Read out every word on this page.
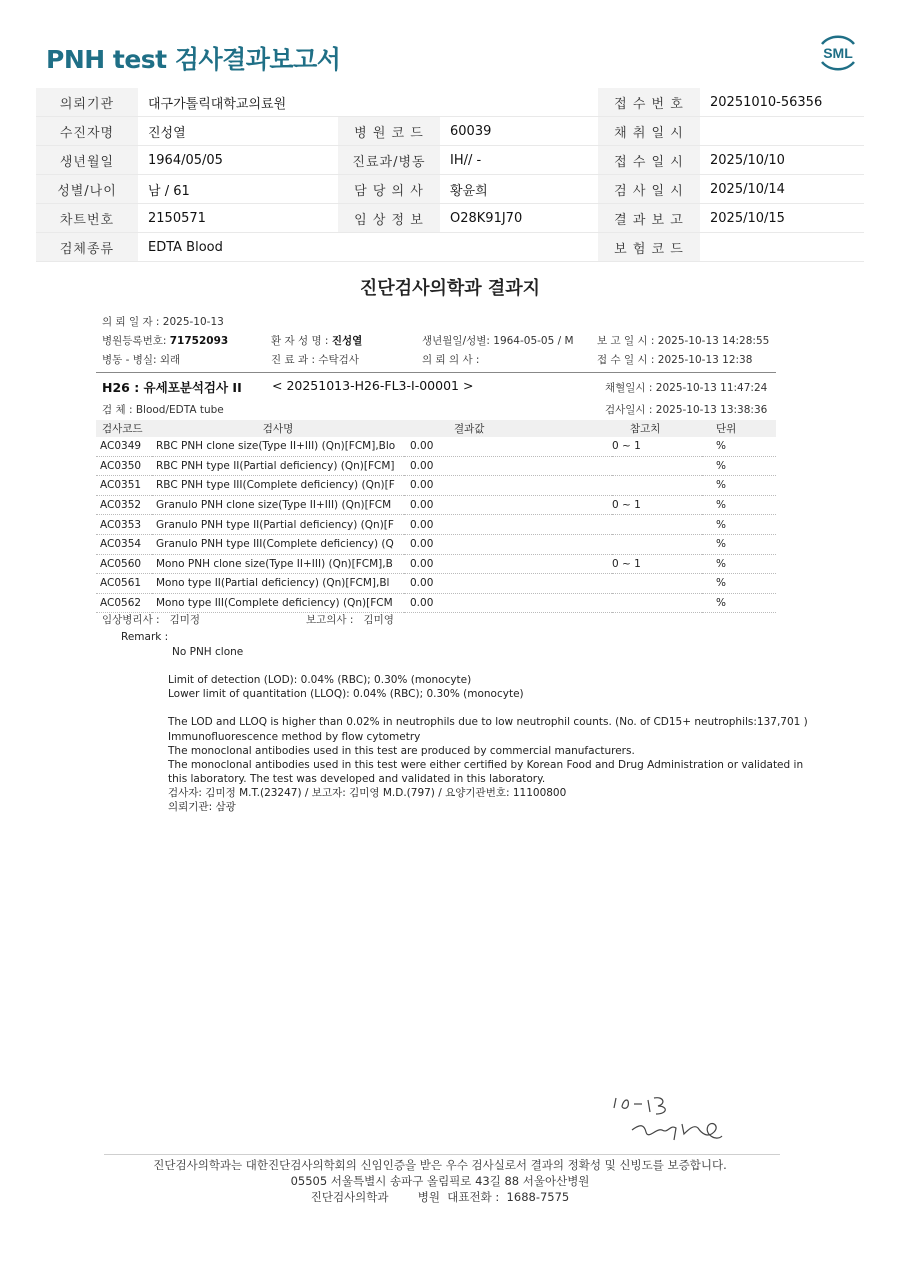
PNH test 검사결과보고서	SML
의뢰기관	대구가톨릭대학교의료원			접 수 번 호	20251010-56356
수진자명	진성열	병 원 코 드	60039	채 취 일 시	
생년월일	1964/05/05	진료과/병동	IH// -	접 수 일 시	2025/10/10
성별/나이	남 / 61	담 당 의 사	황윤희	검 사 일 시	2025/10/14
차트번호	2150571	임 상 정 보	O28K91J70	결 과 보 고	2025/10/15
검체종류	EDTA Blood			보 험 코 드	
진단검사의학과 결과지
의 뢰 일 자 : 2025-10-13
병원등록번호: 71752093	환 자 성 명 : 진성열	생년월일/성별: 1964-05-05 / M 보 고 일 시 : 2025-10-13 14:28:55
병동 - 병실: 외래	진 료 과 : 수탁검사	의 뢰 의 사 :	접 수 일 시 : 2025-10-13 12:38
H26 : 유세포분석검사 II < 20251013-H26-FL3-I-00001 >	채혈일시 : 2025-10-13 11:47:24
검 체 : Blood/EDTA tube	검사일시 : 2025-10-13 13:38:36
검사코드	검사명	결과값	참고치	단위
AC0349	RBC PNH clone size(Type II+III) (Qn)[FCM],Blo	0.00	0 ~ 1	%
AC0350	RBC PNH type II(Partial deficiency) (Qn)[FCM]	0.00		%
AC0351	RBC PNH type III(Complete deficiency) (Qn)[F	0.00		%
AC0352	Granulo PNH clone size(Type II+III) (Qn)[FCM	0.00	0 ~ 1	%
AC0353	Granulo PNH type II(Partial deficiency) (Qn)[F	0.00		%
AC0354	Granulo PNH type III(Complete deficiency) (Q	0.00		%
AC0560	Mono PNH clone size(Type II+III) (Qn)[FCM],B	0.00	0 ~ 1	%
AC0561	Mono type II(Partial deficiency) (Qn)[FCM],Bl	0.00		%
AC0562	Mono type III(Complete deficiency) (Qn)[FCM	0.00		%
임상병리사 : 김미정	보고의사 : 김미영
Remark :
No PNH clone
Limit of detection (LOD): 0.04% (RBC); 0.30% (monocyte)
Lower limit of quantitation (LLOQ): 0.04% (RBC); 0.30% (monocyte)
The LOD and LLOQ is higher than 0.02% in neutrophils due to low neutrophil counts. (No. of CD15+ neutrophils:137,701 )
Immunofluorescence method by flow cytometry
The monoclonal antibodies used in this test are produced by commercial manufacturers.
The monoclonal antibodies used in this test were either certified by Korean Food and Drug Administration or validated in
this laboratory. The test was developed and validated in this laboratory.
검사자: 김미정 M.T.(23247) / 보고자: 김미영 M.D.(797) / 요양기관번호: 11100800
의뢰기관: 삼광
진단검사의학과는 대한진단검사의학회의 신임인증을 받은 우수 검사실로서 결과의 정확성 및 신빙도를 보증합니다.
05505 서울특별시 송파구 올림픽로 43길 88 서울아산병원
진단검사의학과        병원  대표전화 :  1688-7575
